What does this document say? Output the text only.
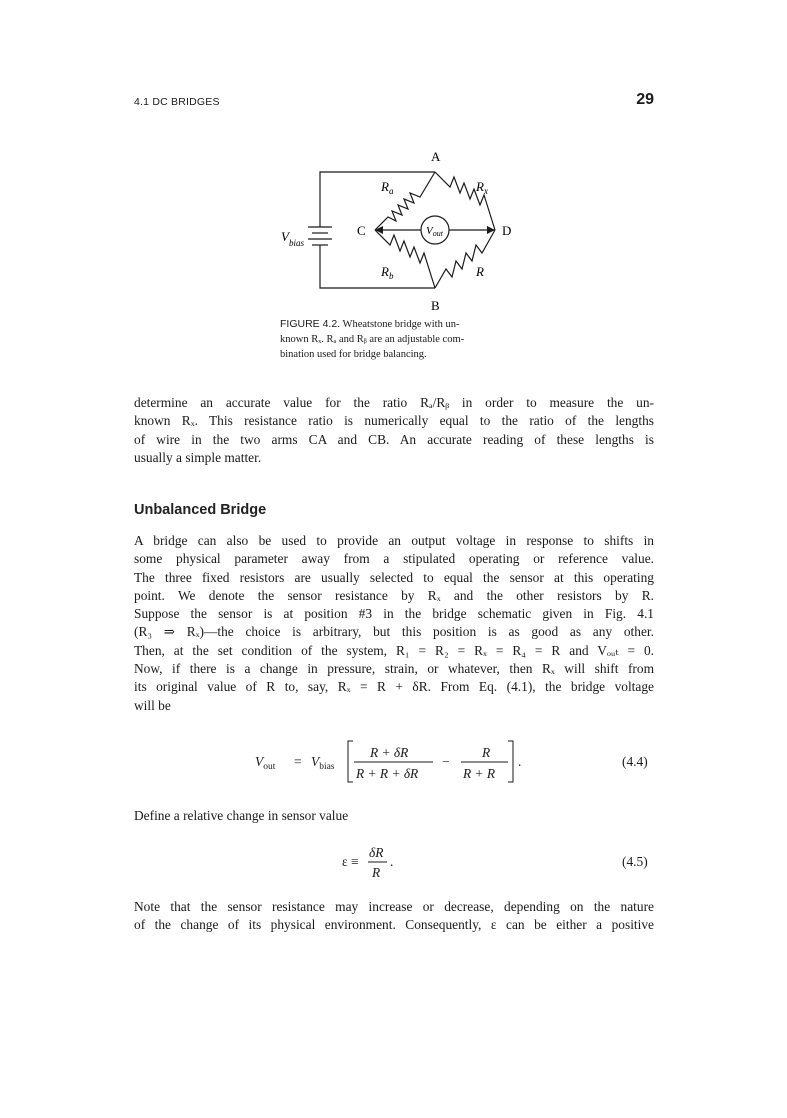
4.1 DC BRIDGES	29
A
B
C	D
$R_a$	$R_x$
$R_b$	R
Vout
$V_{bias}$
FIGURE 4.2. Wheatstone bridge with un-
known Rₓ. Rₐ and Rᵦ are an adjustable com-
bination used for bridge balancing.
determine an accurate value for the ratio Rₐ/Rᵦ in order to measure the un-
known Rₓ. This resistance ratio is numerically equal to the ratio of the lengths
of wire in the two arms CA and CB. An accurate reading of these lengths is
usually a simple matter.
Unbalanced Bridge
A bridge can also be used to provide an output voltage in response to shifts in
some physical parameter away from a stipulated operating or reference value.
The three fixed resistors are usually selected to equal the sensor at this operating
point. We denote the sensor resistance by Rₓ and the other resistors by R.
Suppose the sensor is at position #3 in the bridge schematic given in Fig. 4.1
(R₃ ⇒ Rₓ)—the choice is arbitrary, but this position is as good as any other.
Then, at the set condition of the system, R₁ = R₂ = Rₓ = R₄ = R and Vₒᵤₜ = 0.
Now, if there is a change in pressure, strain, or whatever, then Rₓ will shift from
its original value of R to, say, Rₓ = R + δR. From Eq. (4.1), the bridge voltage
will be
$V_{out} = V_{bias}$
R + δR
R + R + δR
−
R
R + R
.	(4.4)
Define a relative change in sensor value
ε ≡
δR
R
.	(4.5)
Note that the sensor resistance may increase or decrease, depending on the nature
of the change of its physical environment. Consequently, ε can be either a positive
